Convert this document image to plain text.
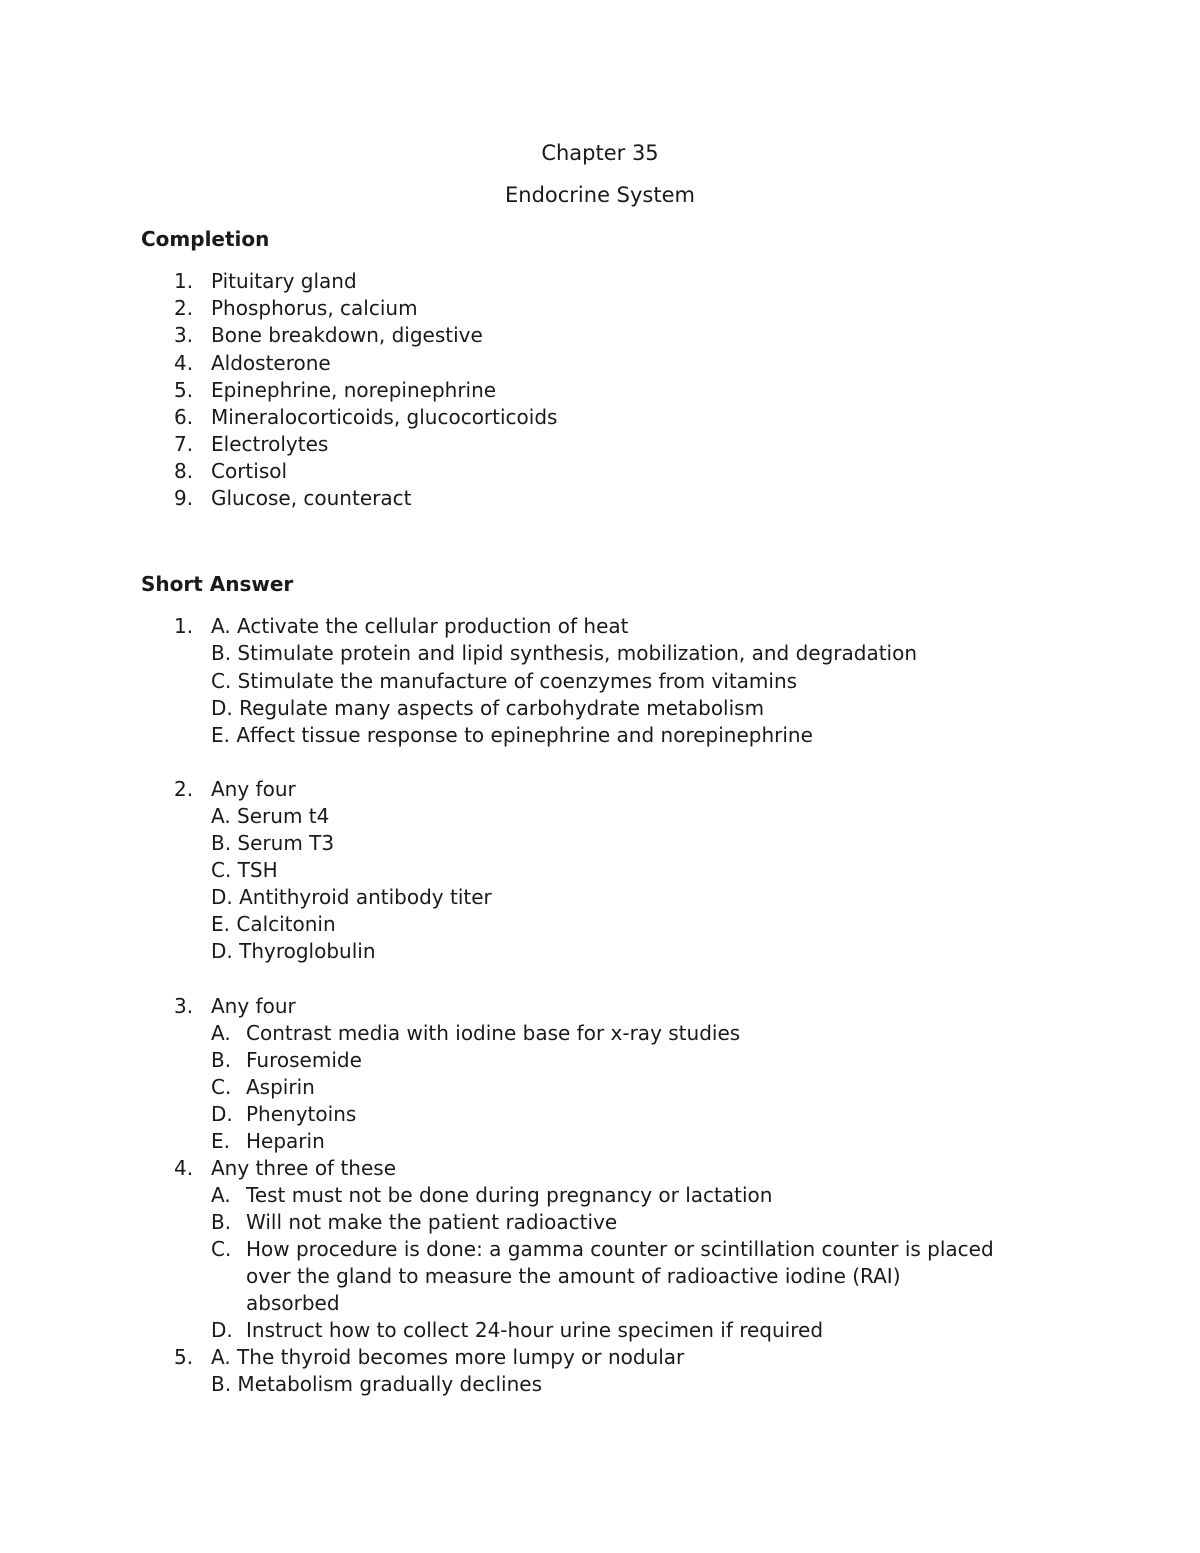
Chapter 35
Endocrine System
Completion
1. Pituitary gland
2. Phosphorus, calcium
3. Bone breakdown, digestive
4. Aldosterone
5. Epinephrine, norepinephrine
6. Mineralocorticoids, glucocorticoids
7. Electrolytes
8. Cortisol
9. Glucose, counteract
Short Answer
1. A. Activate the cellular production of heat
B. Stimulate protein and lipid synthesis, mobilization, and degradation
C. Stimulate the manufacture of coenzymes from vitamins
D. Regulate many aspects of carbohydrate metabolism
E. Affect tissue response to epinephrine and norepinephrine
2. Any four
A. Serum t4
B. Serum T3
C. TSH
D. Antithyroid antibody titer
E. Calcitonin
D. Thyroglobulin
3. Any four
A. Contrast media with iodine base for x-ray studies
B. Furosemide
C. Aspirin
D. Phenytoins
E. Heparin
4. Any three of these
A. Test must not be done during pregnancy or lactation
B. Will not make the patient radioactive
C. How procedure is done: a gamma counter or scintillation counter is placed
over the gland to measure the amount of radioactive iodine (RAI)
absorbed
D. Instruct how to collect 24-hour urine specimen if required
5. A. The thyroid becomes more lumpy or nodular
B. Metabolism gradually declines
